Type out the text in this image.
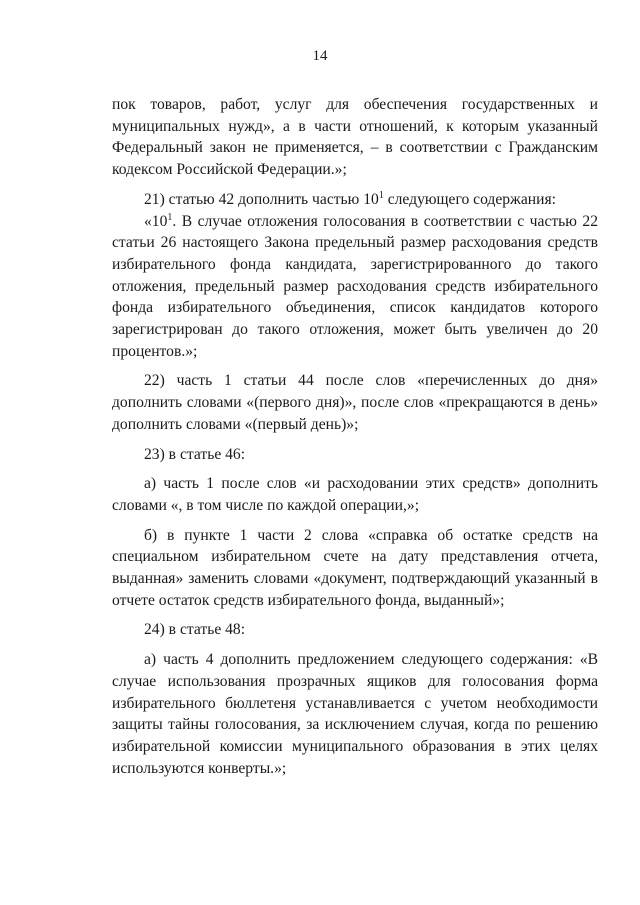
14

пок товаров, работ, услуг для обеспечения государственных и муниципальных нужд», а в части отношений, к которым указанный Федеральный закон не применяется, – в соответствии с Гражданским кодексом Российской Федерации.»;

21) статью 42 дополнить частью $10^1$ следующего содержания:

«$10^1$. В случае отложения голосования в соответствии с частью 22 статьи 26 настоящего Закона предельный размер расходования средств избирательного фонда кандидата, зарегистрированного до такого отложения, предельный размер расходования средств избирательного фонда избирательного объединения, список кандидатов которого зарегистрирован до такого отложения, может быть увеличен до 20 процентов.»;

22) часть 1 статьи 44 после слов «перечисленных до дня» дополнить словами «(первого дня)», после слов «прекращаются в день» дополнить словами «(первый день)»;

23) в статье 46:

а) часть 1 после слов «и расходовании этих средств» дополнить словами «, в том числе по каждой операции,»;

б) в пункте 1 части 2 слова «справка об остатке средств на специальном избирательном счете на дату представления отчета, выданная» заменить словами «документ, подтверждающий указанный в отчете остаток средств избирательного фонда, выданный»;

24) в статье 48:

а) часть 4 дополнить предложением следующего содержания: «В случае использования прозрачных ящиков для голосования форма избирательного бюллетеня устанавливается с учетом необходимости защиты тайны голосования, за исключением случая, когда по решению избирательной комиссии муниципального образования в этих целях используются конверты.»;
